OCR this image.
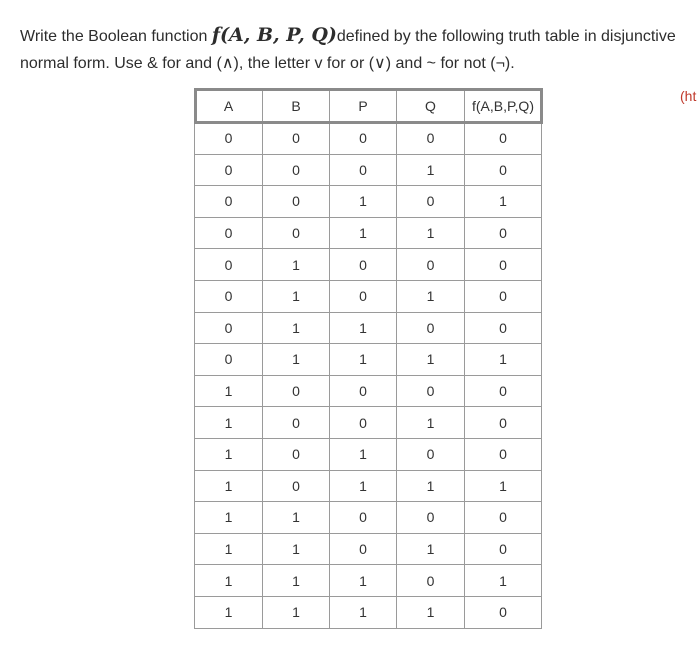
Write the Boolean function f(A, B, P, Q)defined by the following truth table in disjunctive
normal form. Use & for and (∧), the letter v for or (∨) and ~ for not (¬).
(ht
A	B	P	Q	f(A,B,P,Q)
0	0	0	0	0
0	0	0	1	0
0	0	1	0	1
0	0	1	1	0
0	1	0	0	0
0	1	0	1	0
0	1	1	0	0
0	1	1	1	1
1	0	0	0	0
1	0	0	1	0
1	0	1	0	0
1	0	1	1	1
1	1	0	0	0
1	1	0	1	0
1	1	1	0	1
1	1	1	1	0
